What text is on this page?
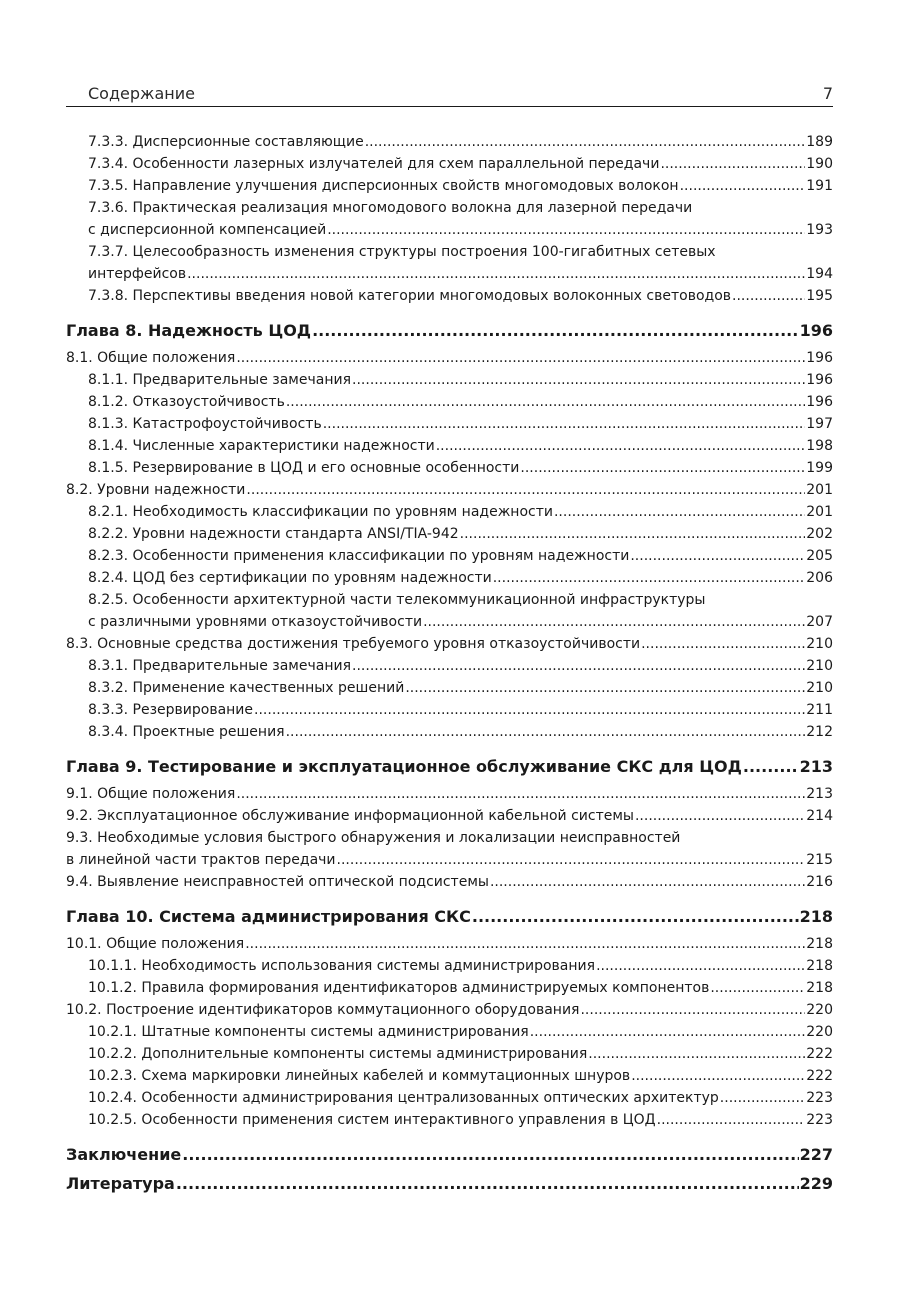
Содержание	7
7.3.3. Дисперсионные составляющие .....	189
7.3.4. Особенности лазерных излучателей для схем параллельной передачи .....	190
7.3.5. Направление улучшения дисперсионных свойств многомодовых волокон .....	191
7.3.6. Практическая реализация многомодового волокна для лазерной передачи
с дисперсионной компенсацией .....	193
7.3.7. Целесообразность изменения структуры построения 100-гигабитных сетевых
интерфейсов .....	194
7.3.8. Перспективы введения новой категории многомодовых волоконных световодов .....	195
Глава 8. Надежность ЦОД .....	196
8.1. Общие положения .....	196
8.1.1. Предварительные замечания .....	196
8.1.2. Отказоустойчивость .....	196
8.1.3. Катастрофоустойчивость .....	197
8.1.4. Численные характеристики надежности .....	198
8.1.5. Резервирование в ЦОД и его основные особенности .....	199
8.2. Уровни надежности .....	201
8.2.1. Необходимость классификации по уровням надежности .....	201
8.2.2. Уровни надежности стандарта ANSI/TIA-942 .....	202
8.2.3. Особенности применения классификации по уровням надежности .....	205
8.2.4. ЦОД без сертификации по уровням надежности .....	206
8.2.5. Особенности архитектурной части телекоммуникационной инфраструктуры
с различными уровнями отказоустойчивости .....	207
8.3. Основные средства достижения требуемого уровня отказоустойчивости .....	210
8.3.1. Предварительные замечания .....	210
8.3.2. Применение качественных решений .....	210
8.3.3. Резервирование .....	211
8.3.4. Проектные решения .....	212
Глава 9. Тестирование и эксплуатационное обслуживание СКС для ЦОД .....	213
9.1. Общие положения .....	213
9.2. Эксплуатационное обслуживание информационной кабельной системы .....	214
9.3. Необходимые условия быстрого обнаружения и локализации неисправностей
в линейной части трактов передачи .....	215
9.4. Выявление неисправностей оптической подсистемы .....	216
Глава 10. Система администрирования СКС .....	218
10.1. Общие положения .....	218
10.1.1. Необходимость использования системы администрирования .....	218
10.1.2. Правила формирования идентификаторов администрируемых компонентов .....	218
10.2. Построение идентификаторов коммутационного оборудования .....	220
10.2.1. Штатные компоненты системы администрирования .....	220
10.2.2. Дополнительные компоненты системы администрирования .....	222
10.2.3. Схема маркировки линейных кабелей и коммутационных шнуров .....	222
10.2.4. Особенности администрирования централизованных оптических архитектур .....	223
10.2.5. Особенности применения систем интерактивного управления в ЦОД .....	223
Заключение .....	227
Литература .....	229
